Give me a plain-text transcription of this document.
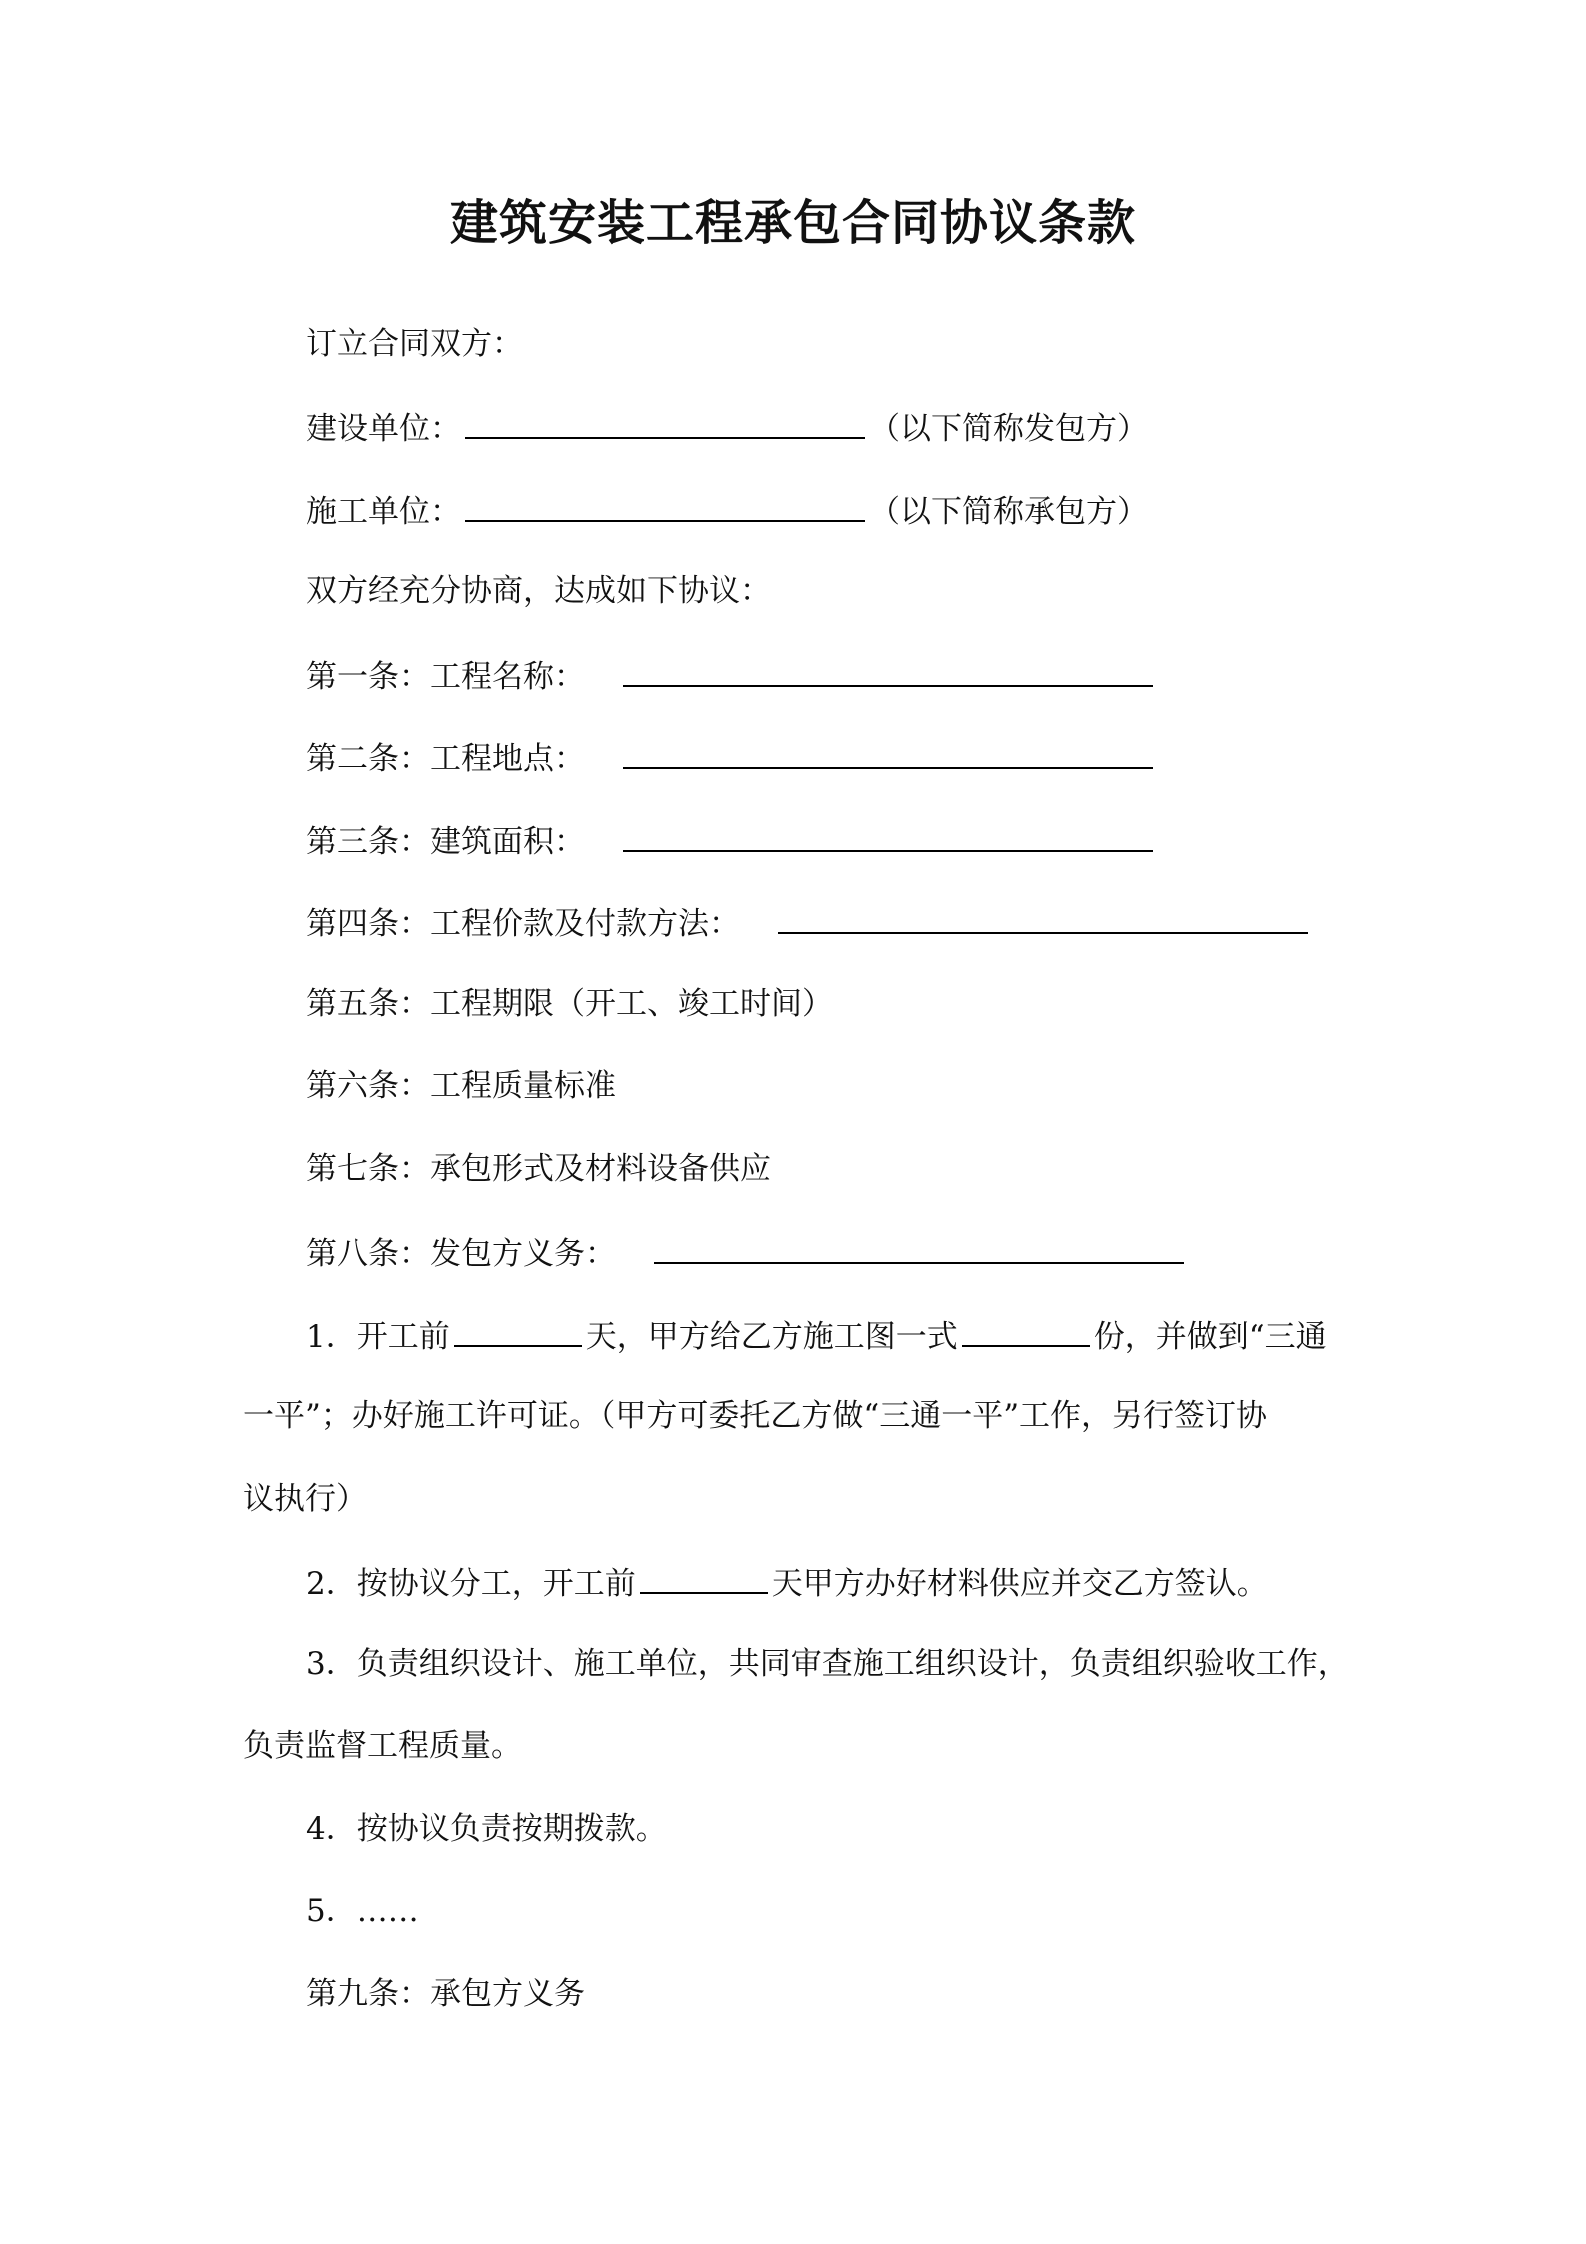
建筑安装工程承包合同协议条款
订立合同双方：
建设单位：	（以下简称发包方）
施工单位：	（以下简称承包方）
双方经充分协商，达成如下协议：
第一条：工程名称：
第二条：工程地点：
第三条：建筑面积：
第四条：工程价款及付款方法：
第五条：工程期限（开工、竣工时间）
第六条：工程质量标准
第七条：承包形式及材料设备供应
第八条：发包方义务：
1．开工前	天，甲方给乙方施工图一式	份，并做到“三通
一平”；办好施工许可证。（甲方可委托乙方做“三通一平”工作，另行签订协
议执行）
2．按协议分工，开工前	天甲方办好材料供应并交乙方签认。
3．负责组织设计、施工单位，共同审查施工组织设计，负责组织验收工作，
负责监督工程质量。
4．按协议负责按期拨款。
5．……
第九条：承包方义务
